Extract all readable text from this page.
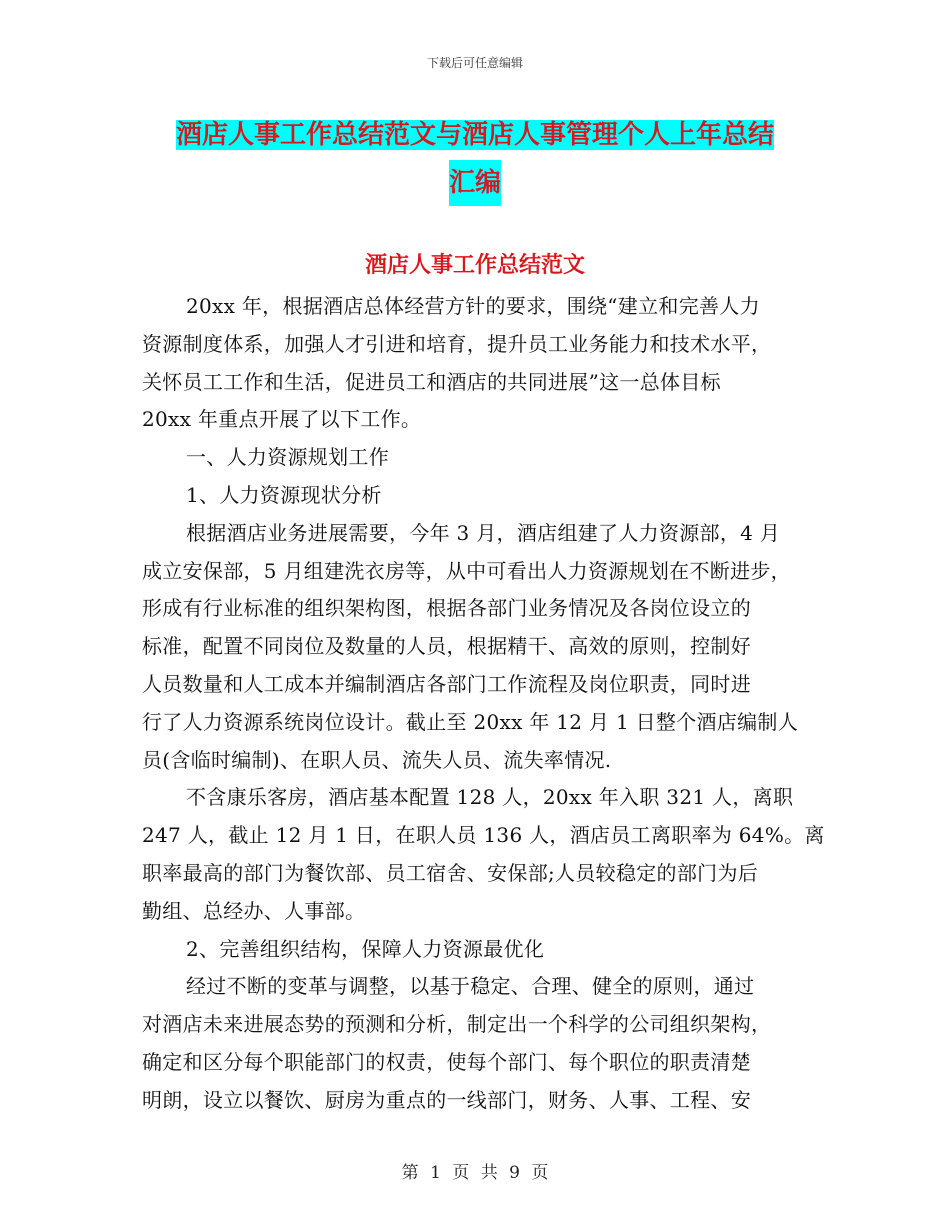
下载后可任意编辑
酒店人事工作总结范文与酒店人事管理个人上年总结
汇编
酒店人事工作总结范文
20xx 年，根据酒店总体经营方针的要求，围绕“建立和完善人力
资源制度体系，加强人才引进和培育，提升员工业务能力和技术水平，
关怀员工工作和生活，促进员工和酒店的共同进展”这一总体目标
20xx 年重点开展了以下工作。
一、人力资源规划工作
1、人力资源现状分析
根据酒店业务进展需要，今年 3 月，酒店组建了人力资源部，4 月
成立安保部，5 月组建洗衣房等，从中可看出人力资源规划在不断进步，
形成有行业标准的组织架构图，根据各部门业务情况及各岗位设立的
标准，配置不同岗位及数量的人员，根据精干、高效的原则，控制好
人员数量和人工成本并编制酒店各部门工作流程及岗位职责，同时进
行了人力资源系统岗位设计。截止至 20xx 年 12 月 1 日整个酒店编制人
员(含临时编制)、在职人员、流失人员、流失率情况.
不含康乐客房，酒店基本配置 128 人，20xx 年入职 321 人，离职
247 人，截止 12 月 1 日，在职人员 136 人，酒店员工离职率为 64%。离
职率最高的部门为餐饮部、员工宿舍、安保部;人员较稳定的部门为后
勤组、总经办、人事部。
2、完善组织结构，保障人力资源最优化
经过不断的变革与调整，以基于稳定、合理、健全的原则，通过
对酒店未来进展态势的预测和分析，制定出一个科学的公司组织架构，
确定和区分每个职能部门的权责，使每个部门、每个职位的职责清楚
明朗，设立以餐饮、厨房为重点的一线部门，财务、人事、工程、安
第 1 页 共 9 页
